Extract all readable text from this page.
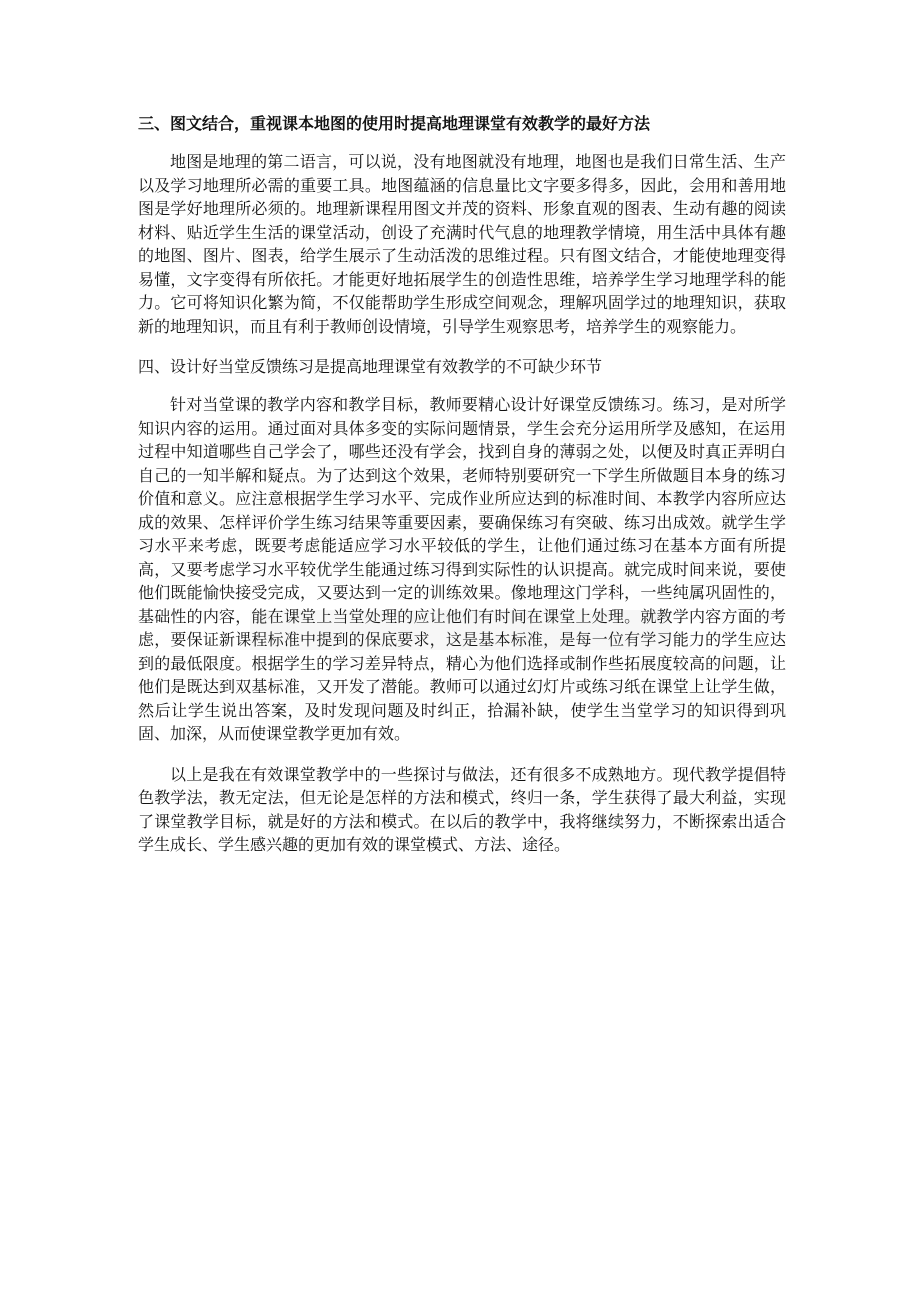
三、图文结合，重视课本地图的使用时提高地理课堂有效教学的最好方法

地图是地理的第二语言，可以说，没有地图就没有地理，地图也是我们日常生活、生产以及学习地理所必需的重要工具。地图蕴涵的信息量比文字要多得多，因此，会用和善用地图是学好地理所必须的。地理新课程用图文并茂的资料、形象直观的图表、生动有趣的阅读材料、贴近学生生活的课堂活动，创设了充满时代气息的地理教学情境，用生活中具体有趣的地图、图片、图表，给学生展示了生动活泼的思维过程。只有图文结合，才能使地理变得易懂，文字变得有所依托。才能更好地拓展学生的创造性思维，培养学生学习地理学科的能力。它可将知识化繁为简，不仅能帮助学生形成空间观念，理解巩固学过的地理知识，获取新的地理知识，而且有利于教师创设情境，引导学生观察思考，培养学生的观察能力。

四、设计好当堂反馈练习是提高地理课堂有效教学的不可缺少环节

针对当堂课的教学内容和教学目标，教师要精心设计好课堂反馈练习。练习，是对所学知识内容的运用。通过面对具体多变的实际问题情景，学生会充分运用所学及感知，在运用过程中知道哪些自己学会了，哪些还没有学会，找到自身的薄弱之处，以便及时真正弄明白自己的一知半解和疑点。为了达到这个效果，老师特别要研究一下学生所做题目本身的练习价值和意义。应注意根据学生学习水平、完成作业所应达到的标准时间、本教学内容所应达成的效果、怎样评价学生练习结果等重要因素，要确保练习有突破、练习出成效。就学生学习水平来考虑，既要考虑能适应学习水平较低的学生，让他们通过练习在基本方面有所提高，又要考虑学习水平较优学生能通过练习得到实际性的认识提高。就完成时间来说，要使他们既能愉快接受完成，又要达到一定的训练效果。像地理这门学科，一些纯属巩固性的，基础性的内容，能在课堂上当堂处理的应让他们有时间在课堂上处理。就教学内容方面的考虑，要保证新课程标准中提到的保底要求，这是基本标准，是每一位有学习能力的学生应达到的最低限度。根据学生的学习差异特点，精心为他们选择或制作些拓展度较高的问题，让他们是既达到双基标准，又开发了潜能。教师可以通过幻灯片或练习纸在课堂上让学生做，然后让学生说出答案，及时发现问题及时纠正，拾漏补缺，使学生当堂学习的知识得到巩固、加深，从而使课堂教学更加有效。

以上是我在有效课堂教学中的一些探讨与做法，还有很多不成熟地方。现代教学提倡特色教学法，教无定法，但无论是怎样的方法和模式，终归一条，学生获得了最大利益，实现了课堂教学目标，就是好的方法和模式。在以后的教学中，我将继续努力，不断探索出适合学生成长、学生感兴趣的更加有效的课堂模式、方法、途径。
